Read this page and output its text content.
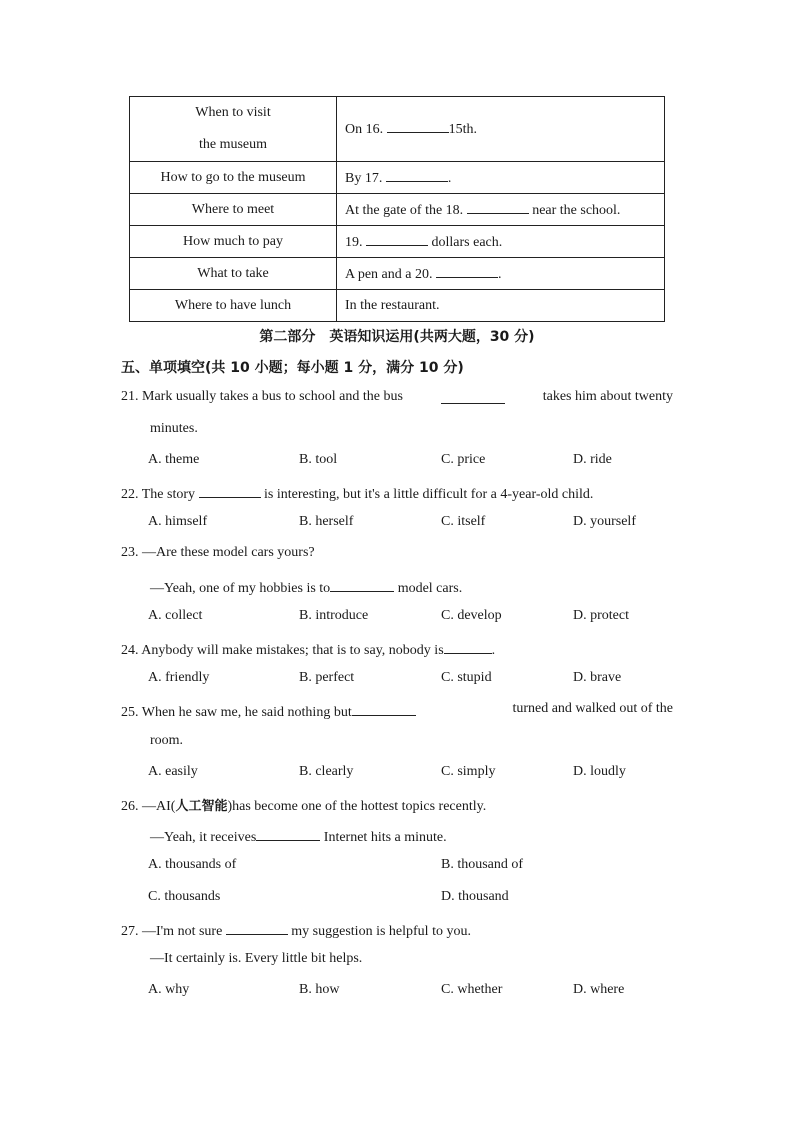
When to visit
the museum	On 16. 15th.
How to go to the museum	By 17. .
Where to meet	At the gate of the 18. near the school.
How much to pay	19. dollars each.
What to take	A pen and a 20. .
Where to have lunch	In the restaurant.
第二部分　英语知识运用(共两大题，30 分)
五、单项填空(共 10 小题；每小题 1 分，满分 10 分)
21. Mark usually takes a bus to school and the bus	takes him about twenty
minutes.
A. theme	B. tool	C. price	D. ride
22. The story	is interesting, but it's a little difficult for a 4-year-old child.
A. himself	B. herself	C. itself	D. yourself
23. —Are these model cars yours?
—Yeah, one of my hobbies is to	model cars.
A. collect	B. introduce	C. develop	D. protect
24. Anybody will make mistakes; that is to say, nobody is	.
A. friendly	B. perfect	C. stupid	D. brave
25. When he saw me, he said nothing but	turned and walked out of the
room.
A. easily	B. clearly	C. simply	D. loudly
26. —AI(人工智能)has become one of the hottest topics recently.
—Yeah, it receives	Internet hits a minute.
A. thousands of	B. thousand of
C. thousands	D. thousand
27. —I'm not sure	my suggestion is helpful to you.
—It certainly is. Every little bit helps.
A. why	B. how	C. whether	D. where
